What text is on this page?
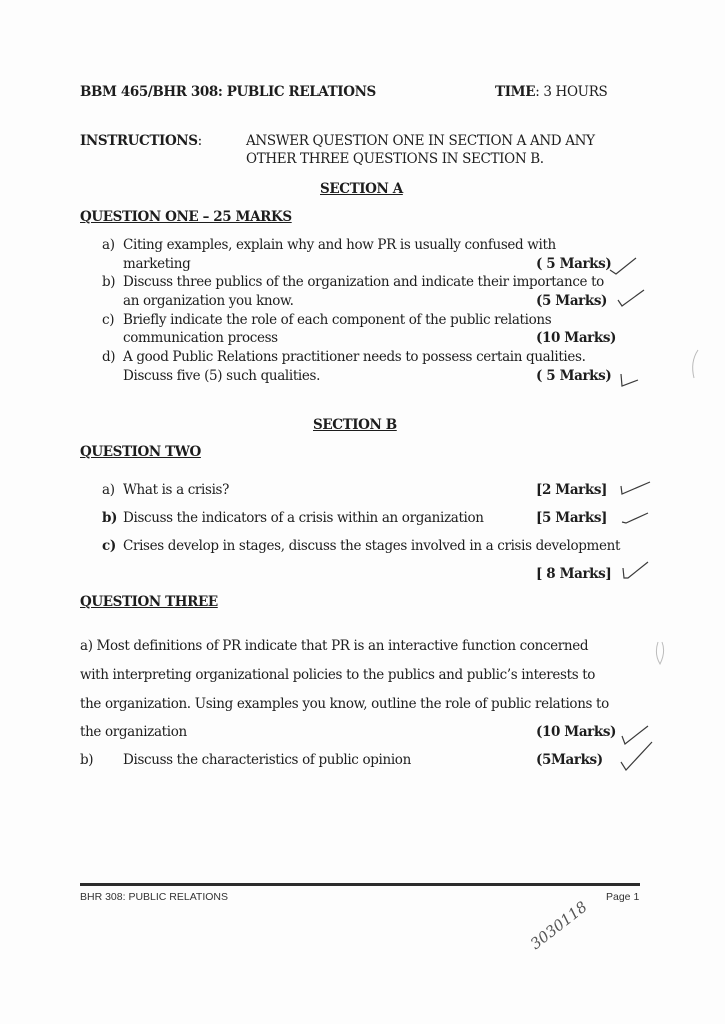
BBM 465/BHR 308: PUBLIC RELATIONS	TIME: 3 HOURS
INSTRUCTIONS:	ANSWER QUESTION ONE IN SECTION A AND ANY
OTHER THREE QUESTIONS IN SECTION B.
SECTION A
QUESTION ONE – 25 MARKS
a) Citing examples, explain why and how PR is usually confused with
marketing	( 5 Marks)
b) Discuss three publics of the organization and indicate their importance to
an organization you know.	(5 Marks)
c) Briefly indicate the role of each component of the public relations
communication process	(10 Marks)
d) A good Public Relations practitioner needs to possess certain qualities.
Discuss five (5) such qualities.	( 5 Marks)
SECTION B
QUESTION TWO
a) What is a crisis?	[2 Marks]
b) Discuss the indicators of a crisis within an organization	[5 Marks]
c) Crises develop in stages, discuss the stages involved in a crisis development
[ 8 Marks]
QUESTION THREE
a) Most definitions of PR indicate that PR is an interactive function concerned
with interpreting organizational policies to the publics and public’s interests to
the organization. Using examples you know, outline the role of public relations to
the organization	(10 Marks)
b) Discuss the characteristics of public opinion	(5Marks)
BHR 308: PUBLIC RELATIONS	Page 1
3030118
